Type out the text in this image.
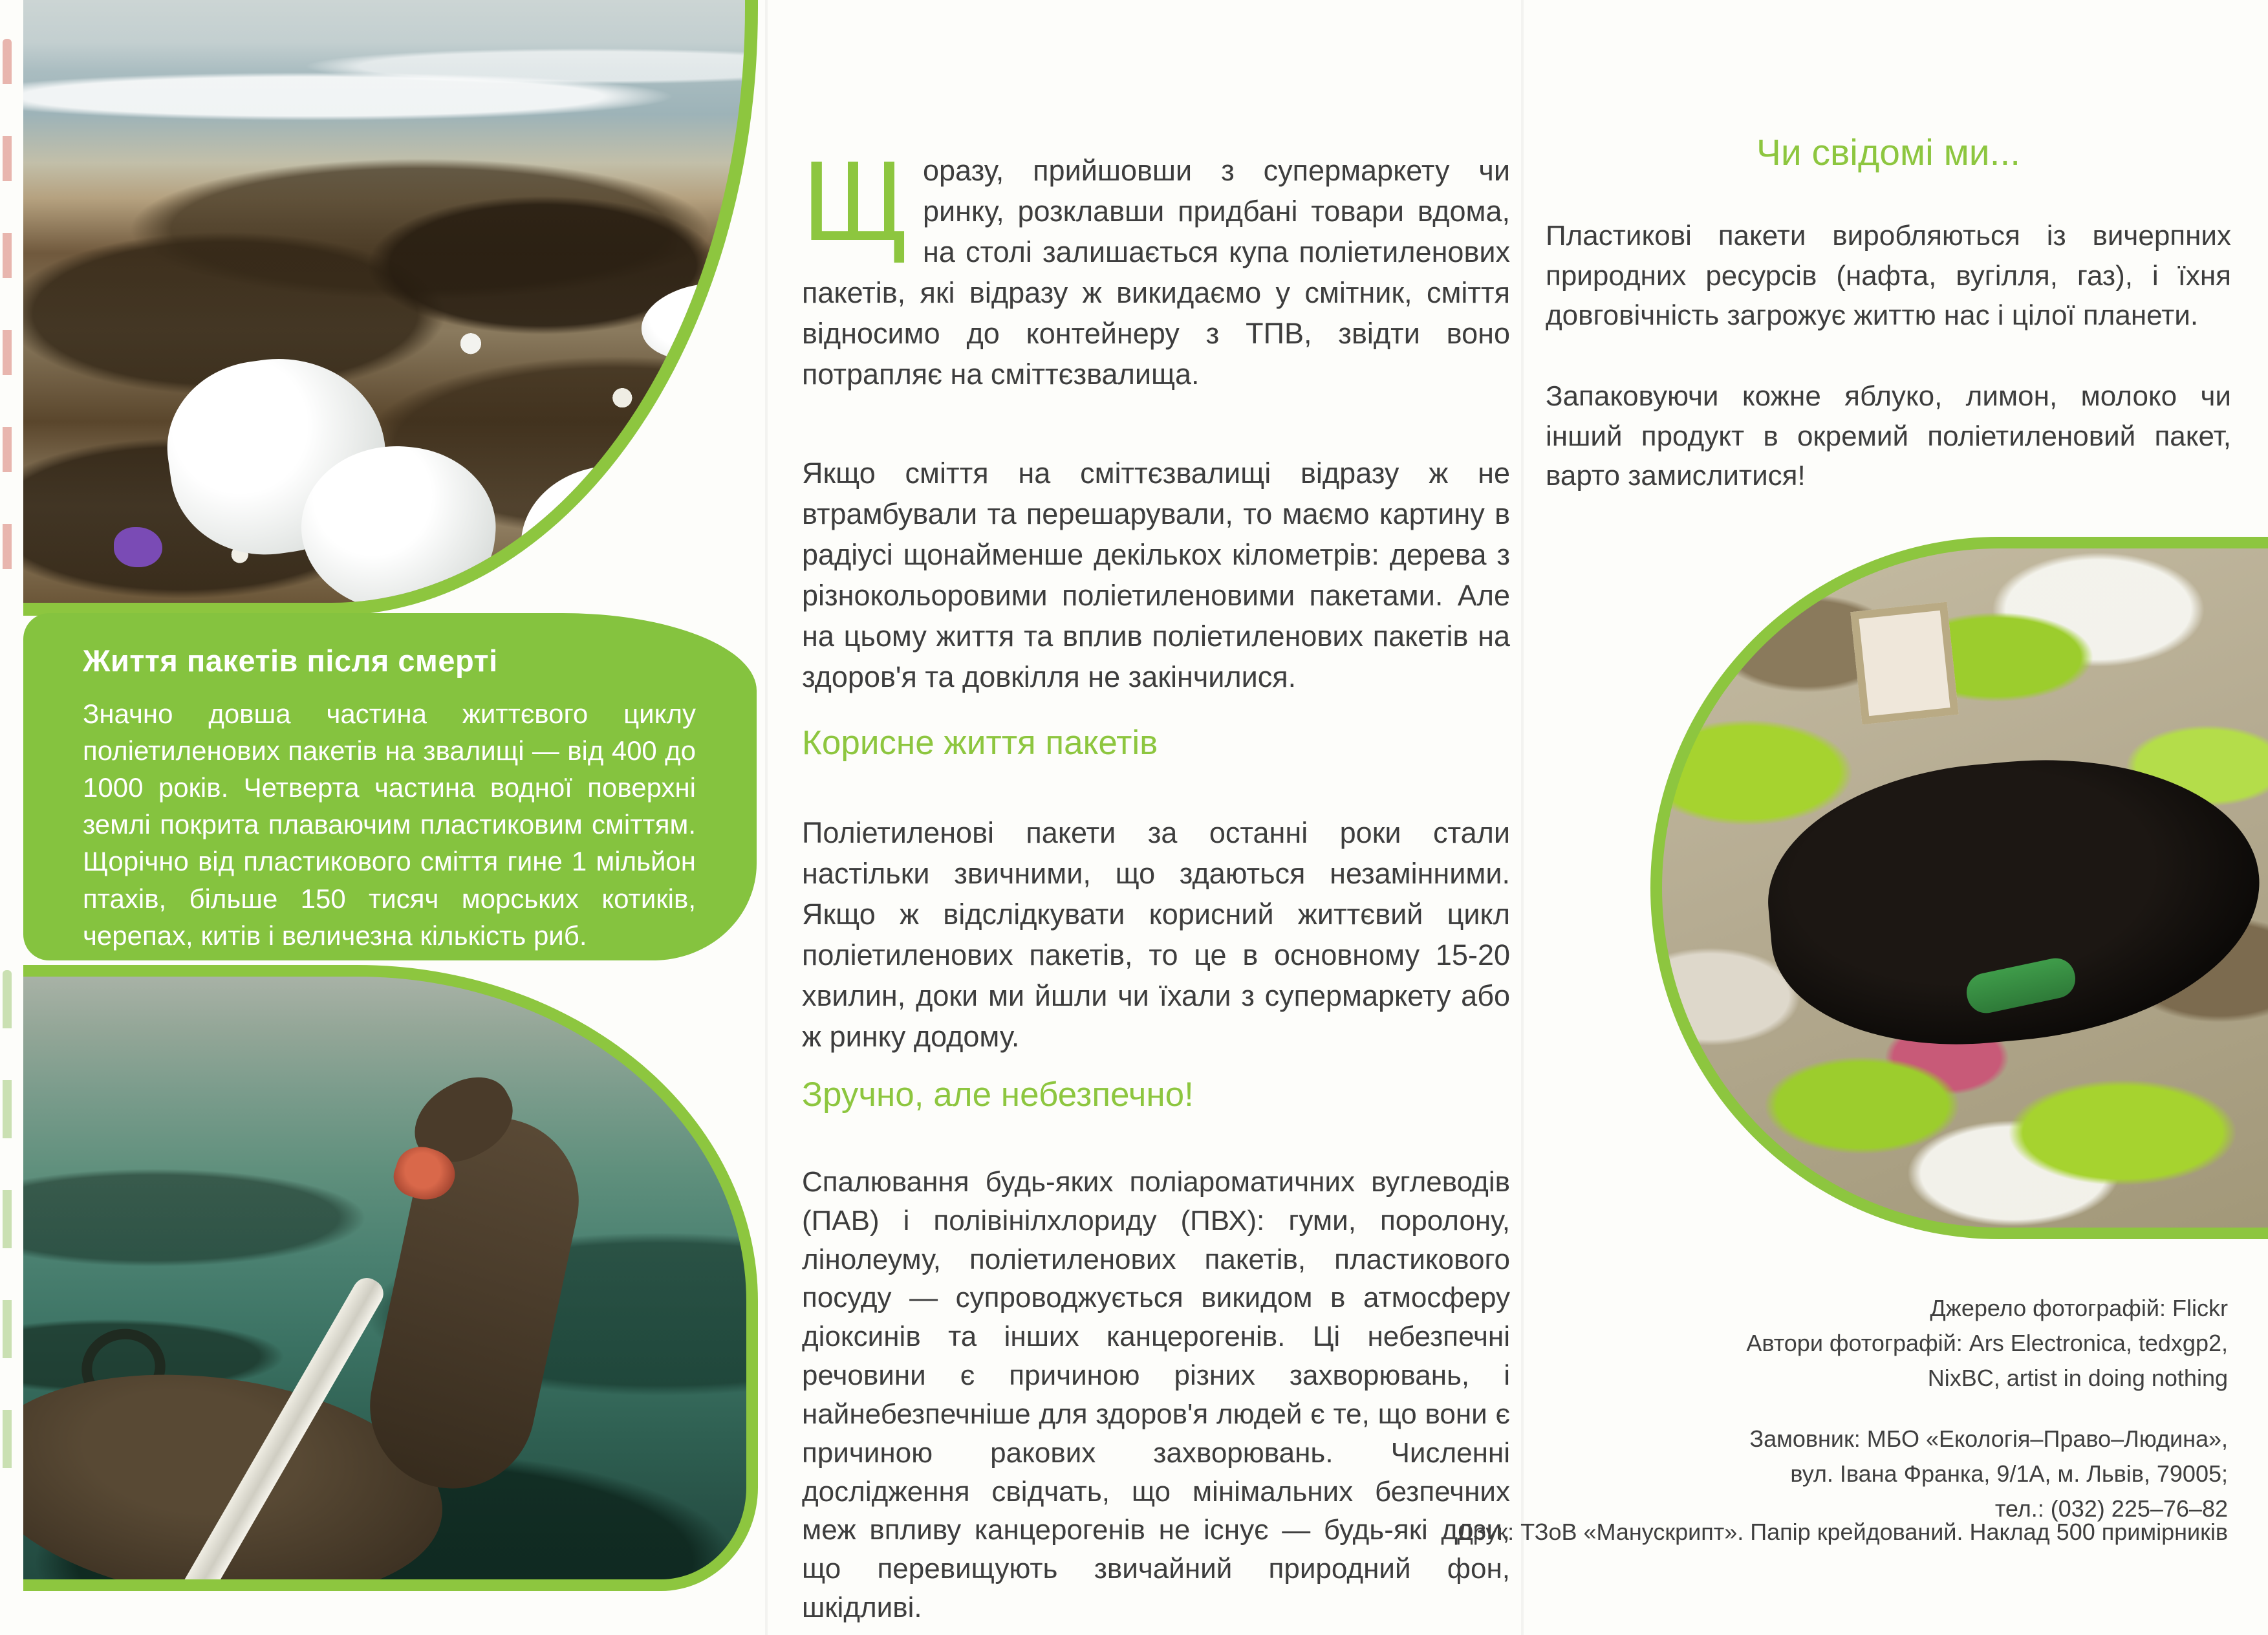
Життя пакетів після смерті

Значно довша частина життєвого циклу поліетиленових пакетів на звалищі — від 400 до 1000 років. Четверта частина водної поверхні землі покрита плаваючим пластиковим сміттям. Щорічно від пластикового сміття гине 1 мільйон птахів, більше 150 тисяч морських котиків, черепах, китів і величезна кількість риб.

Щоразу, прийшовши з супермаркету чи ринку, розклавши придбані товари вдома, на столі залишається купа поліетиленових пакетів, які відразу ж викидаємо у смітник, сміття відносимо до контейнеру з ТПВ, звідти воно потрапляє на сміттєзвалища.

Якщо сміття на сміттєзвалищі відразу ж не втрамбували та перешарували, то маємо картину в радіусі щонайменше декількох кілометрів: дерева з різнокольоровими поліетиленовими пакетами. Але на цьому життя та вплив поліетиленових пакетів на здоров'я та довкілля не закінчилися.

Корисне життя пакетів

Поліетиленові пакети за останні роки стали настільки звичними, що здаються незамінними. Якщо ж відслідкувати корисний життєвий цикл поліетиленових пакетів, то це в основному 15-20 хвилин, доки ми йшли чи їхали з супермаркету або ж ринку додому.

Зручно, але небезпечно!

Спалювання будь-яких поліароматичних вуглеводів (ПАВ) і полівінілхлориду (ПВХ): гуми, поролону, лінолеуму, поліетиленових пакетів, пластикового посуду — супроводжується викидом в атмосферу діоксинів та інших канцерогенів. Ці небезпечні речовини є причиною різних захворювань, і найнебезпечніше для здоров'я людей є те, що вони є причиною ракових захворювань. Численні дослідження свідчать, що мінімальних безпечних меж впливу канцерогенів не існує — будь-які дози, що перевищують звичайний природний фон, шкідливі.

Чи свідомі ми...

Пластикові пакети виробляються із вичерпних природних ресурсів (нафта, вугілля, газ), і їхня довговічність загрожує життю нас і цілої планети.

Запаковуючи кожне яблуко, лимон, молоко чи інший продукт в окремий поліетиленовий пакет, варто замислитися!

Джерело фотографій: Flickr
Автори фотографій: Ars Electronica, tedxgp2,
NixBC, artist in doing nothing
Замовник: МБО «Екологія–Право–Людина»,
вул. Івана Франка, 9/1А, м. Львів, 79005;
тел.: (032) 225–76–82

Друк: ТЗоВ «Манускрипт». Папір крейдований. Наклад 500 примірників
